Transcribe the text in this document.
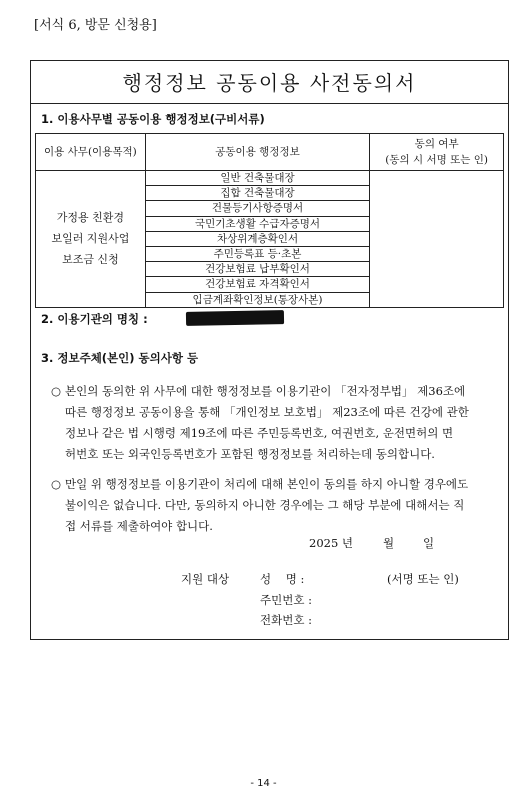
[서식 6, 방문 신청용]
행정정보 공동이용 사전동의서
1. 이용사무별 공동이용 행정정보(구비서류)
이용 사무(이용목적)	공동이용 행정정보	동의 여부
(동의 시 서명 또는 인)

가정용 친환경
보일러 지원사업
보조금 신청	일반 건축물대장	
	집합 건축물대장	
	건물등기사항증명서	
	국민기초생활 수급자증명서	
	차상위계층확인서	
	주민등록표 등·초본	
	건강보험료 납부확인서	
	건강보험료 자격확인서	
	입금계좌확인정보(통장사본)	
2. 이용기관의 명칭 :
3. 정보주체(본인) 동의사항 등
○ 본인의 동의한 위 사무에 대한 행정정보를 이용기관이 「전자정부법」 제36조에
따른 행정정보 공동이용을 통해 「개인정보 보호법」 제23조에 따른 건강에 관한
정보나 같은 법 시행령 제19조에 따른 주민등록번호, 여권번호, 운전면허의 면
허번호 또는 외국인등록번호가 포함된 행정정보를 처리하는데 동의합니다.
○ 만일 위 행정정보를 이용기관이 처리에 대해 본인이 동의를 하지 아니할 경우에도
불이익은 없습니다. 다만, 동의하지 아니한 경우에는 그 해당 부분에 대해서는 직
접 서류를 제출하여야 합니다.
2025 년	월	일
지원 대상	성    명 :	(서명 또는 인)
주민번호 :
전화번호 :
- 14 -
